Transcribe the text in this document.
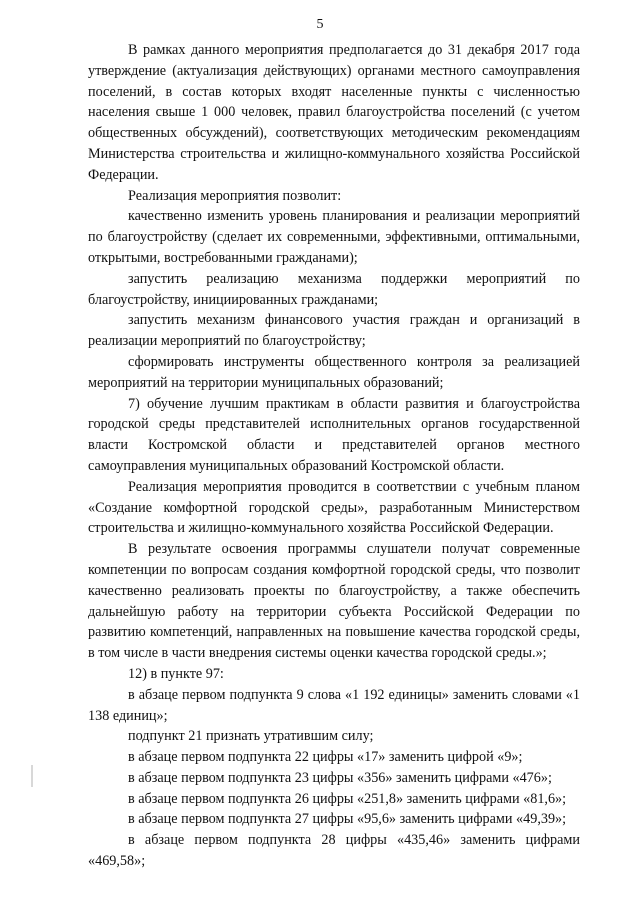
5

В рамках данного мероприятия предполагается до 31 декабря 2017 года утверждение (актуализация действующих) органами местного самоуправления поселений, в состав которых входят населенные пункты с численностью населения свыше 1 000 человек, правил благоустройства поселений (с учетом общественных обсуждений), соответствующих методическим рекомендациям Министерства строительства и жилищно-коммунального хозяйства Российской Федерации.

Реализация мероприятия позволит:

качественно изменить уровень планирования и реализации мероприятий по благоустройству (сделает их современными, эффективными, оптимальными, открытыми, востребованными гражданами);

запустить реализацию механизма поддержки мероприятий по благоустройству, инициированных гражданами;

запустить механизм финансового участия граждан и организаций в реализации мероприятий по благоустройству;

сформировать инструменты общественного контроля за реализацией мероприятий на территории муниципальных образований;

7) обучение лучшим практикам в области развития и благоустройства городской среды представителей исполнительных органов государственной власти Костромской области и представителей органов местного самоуправления муниципальных образований Костромской области.

Реализация мероприятия проводится в соответствии с учебным планом «Создание комфортной городской среды», разработанным Министерством строительства и жилищно-коммунального хозяйства Российской Федерации.

В результате освоения программы слушатели получат современные компетенции по вопросам создания комфортной городской среды, что позволит качественно реализовать проекты по благоустройству, а также обеспечить дальнейшую работу на территории субъекта Российской Федерации по развитию компетенций, направленных на повышение качества городской среды, в том числе в части внедрения системы оценки качества городской среды.»;

12) в пункте 97:

в абзаце первом подпункта 9 слова «1 192 единицы» заменить словами «1 138 единиц»;

подпункт 21 признать утратившим силу;

в абзаце первом подпункта 22 цифры «17» заменить цифрой «9»;

в абзаце первом подпункта 23 цифры «356» заменить цифрами «476»;

в абзаце первом подпункта 26 цифры «251,8» заменить цифрами «81,6»;

в абзаце первом подпункта 27 цифры «95,6» заменить цифрами «49,39»;

в абзаце первом подпункта 28 цифры «435,46» заменить цифрами «469,58»;
